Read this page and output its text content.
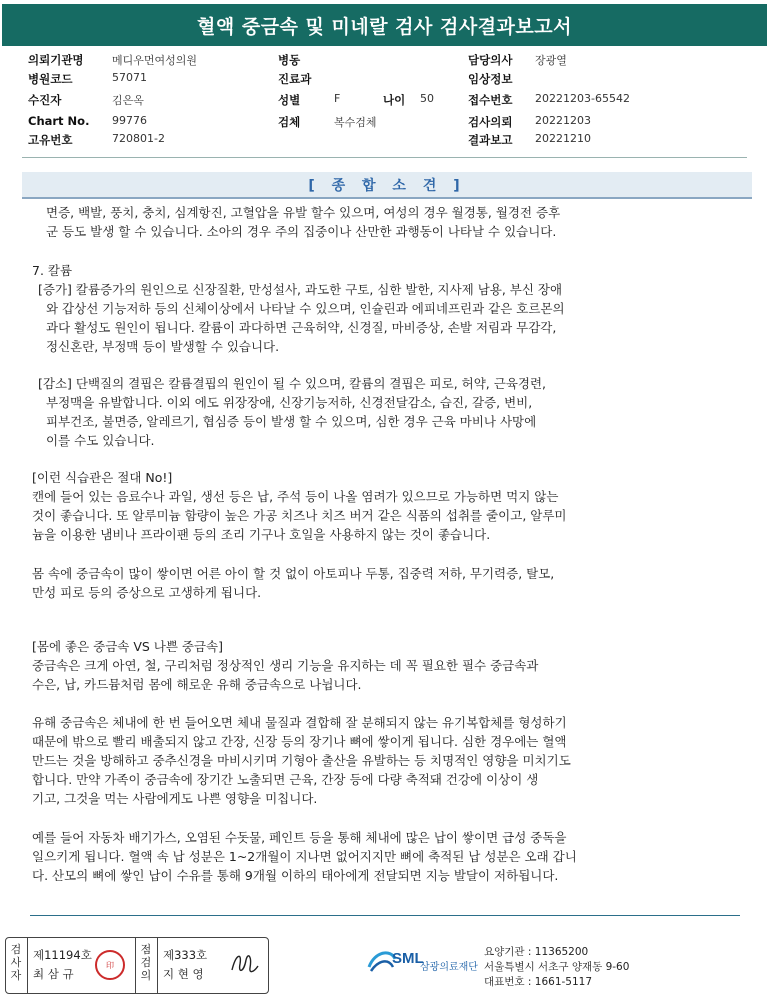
혈액 중금속 및 미네랄 검사 검사결과보고서
의뢰기관명	메디우먼여성의원	병동	담당의사 장광열
병원코드	57071	진료과	임상정보
수진자	김은옥	성별	F	나이 50	접수번호 20221203-65542
Chart No. 99776	검체	복수검체	검사의뢰 20221203
고유번호	720801-2	결과보고 20221210
[ 종 합 소 견 ]
면증, 백발, 풍치, 충치, 심계항진, 고혈압을 유발 할수 있으며, 여성의 경우 월경통, 월경전 증후
군 등도 발생 할 수 있습니다. 소아의 경우 주의 집중이나 산만한 과행동이 나타날 수 있습니다.
7. 칼륨
[증가] 칼륨증가의 원인으로 신장질환, 만성설사, 과도한 구토, 심한 발한, 지사제 남용, 부신 장애
와 갑상선 기능저하 등의 신체이상에서 나타날 수 있으며, 인슐린과 에피네프린과 같은 호르몬의
과다 활성도 원인이 됩니다. 칼륨이 과다하면 근육허약, 신경질, 마비증상, 손발 저림과 무감각,
정신혼란, 부정맥 등이 발생할 수 있습니다.
[감소] 단백질의 결핍은 칼륨결핍의 원인이 될 수 있으며, 칼륨의 결핍은 피로, 허약, 근육경련,
부정맥을 유발합니다. 이외 에도 위장장애, 신장기능저하, 신경전달감소, 습진, 갈증, 변비,
피부건조, 불면증, 알레르기, 협심증 등이 발생 할 수 있으며, 심한 경우 근육 마비나 사망에
이를 수도 있습니다.
[이런 식습관은 절대 No!]
캔에 들어 있는 음료수나 과일, 생선 등은 납, 주석 등이 나올 염려가 있으므로 가능하면 먹지 않는
것이 좋습니다. 또 알루미늄 함량이 높은 가공 치즈나 치즈 버거 같은 식품의 섭취를 줄이고, 알루미
늄을 이용한 냄비나 프라이팬 등의 조리 기구나 호일을 사용하지 않는 것이 좋습니다.
몸 속에 중금속이 많이 쌓이면 어른 아이 할 것 없이 아토피나 두통, 집중력 저하, 무기력증, 탈모,
만성 피로 등의 증상으로 고생하게 됩니다.
[몸에 좋은 중금속 VS 나쁜 중금속]
중금속은 크게 아연, 철, 구리처럼 정상적인 생리 기능을 유지하는 데 꼭 필요한 필수 중금속과
수은, 납, 카드뮴처럼 몸에 해로운 유해 중금속으로 나뉩니다.
유해 중금속은 체내에 한 번 들어오면 체내 물질과 결합해 잘 분해되지 않는 유기복합체를 형성하기
때문에 밖으로 빨리 배출되지 않고 간장, 신장 등의 장기나 뼈에 쌓이게 됩니다. 심한 경우에는 혈액
만드는 것을 방해하고 중추신경을 마비시키며 기형아 출산을 유발하는 등 치명적인 영향을 미치기도
합니다. 만약 가족이 중금속에 장기간 노출되면 근육, 간장 등에 다량 축적돼 건강에 이상이 생
기고, 그것을 먹는 사람에게도 나쁜 영향을 미칩니다.
예를 들어 자동차 배기가스, 오염된 수돗물, 페인트 등을 통해 체내에 많은 납이 쌓이면 급성 중독을
일으키게 됩니다. 혈액 속 납 성분은 1~2개월이 지나면 없어지지만 뼈에 축적된 납 성분은 오래 갑니
다. 산모의 뼈에 쌓인 납이 수유를 통해 9개월 이하의 태아에게 전달되면 지능 발달이 저하됩니다.
검사자
제11194호
최 삼 규
印
점검의
제333호
지 현 영
SML
삼광의료재단
요양기관 : 11365200
서울특별시 서초구 양재동 9-60
대표번호 : 1661-5117
